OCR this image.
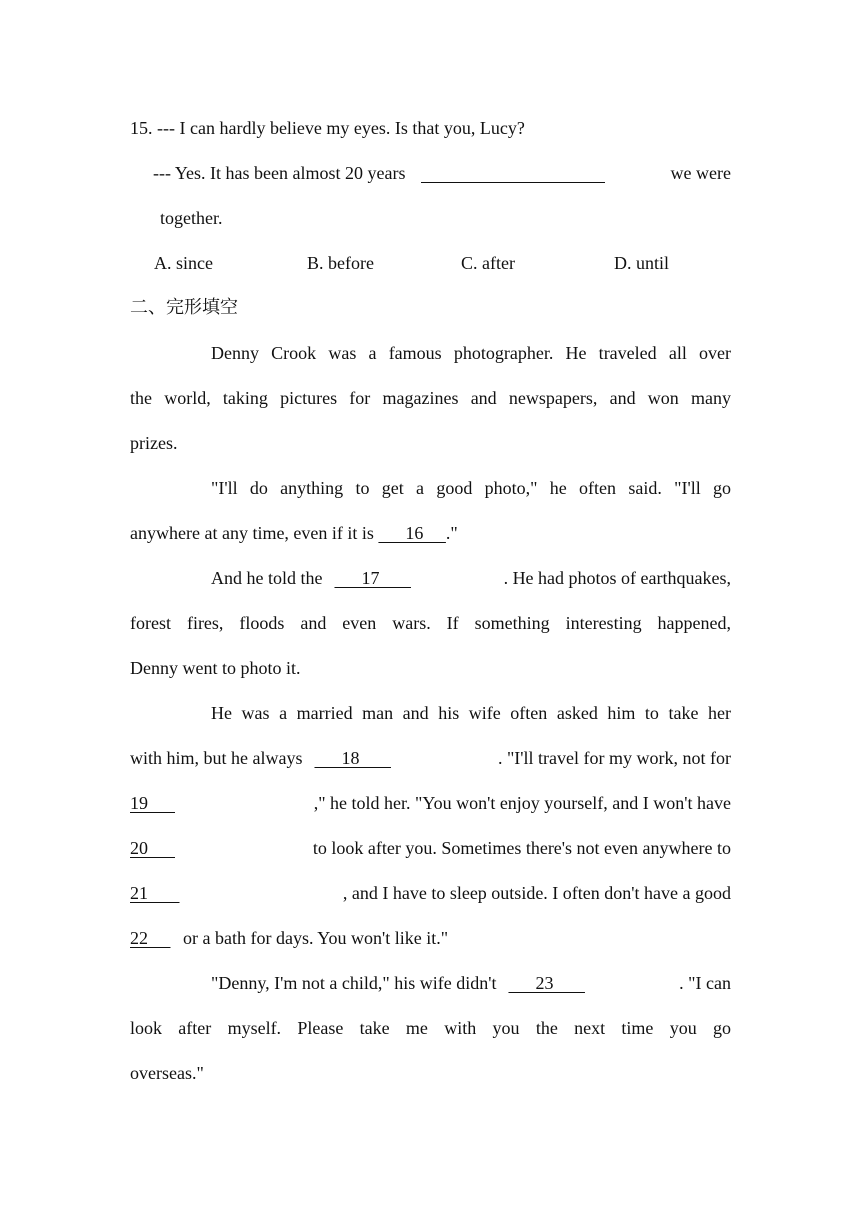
15. --- I can hardly believe my eyes. Is that you, Lucy?
--- Yes. It has been almost 20 years	we were
together.
A. since	B. before	C. after	D. until
二、完形填空
Denny Crook was a famous photographer. He traveled all over
the world, taking pictures for magazines and newspapers, and won many
prizes.
"I'll do anything to get a good photo," he often said. "I'll go
anywhere at any time, even if it is       16     ."
And he told the 17	. He had photos of earthquakes,
forest fires, floods and even wars. If something interesting happened,
Denny went to photo it.
He was a married man and his wife often asked him to take her
with him, but he always 18	. "I'll travel for my work, not for
19	," he told her. "You won't enjoy yourself, and I won't have
20	to look after you. Sometimes there's not even anywhere to
21	, and I have to sleep outside. I often don't have a good
22      or a bath for days. You won't like it."
"Denny, I'm not a child," his wife didn't 23	. "I can
look after myself. Please take me with you the next time you go
overseas."
